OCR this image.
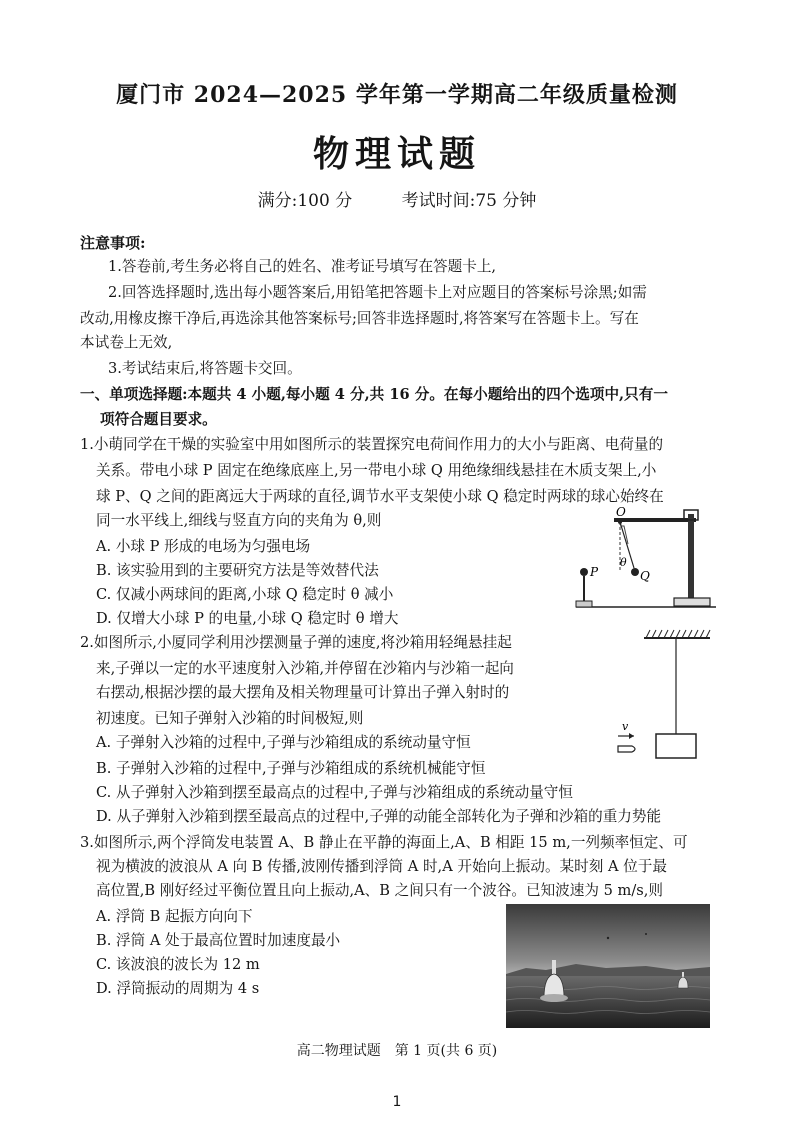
厦门市 2024—2025 学年第一学期高二年级质量检测
物理试题
满分:100 分	考试时间:75 分钟
注意事项:
1.答卷前,考生务必将自己的姓名、准考证号填写在答题卡上,
2.回答选择题时,选出每小题答案后,用铅笔把答题卡上对应题目的答案标号涂黑;如需
改动,用橡皮擦干净后,再选涂其他答案标号;回答非选择题时,将答案写在答题卡上。写在
本试卷上无效,
3.考试结束后,将答题卡交回。
一、单项选择题:本题共 4 小题,每小题 4 分,共 16 分。在每小题给出的四个选项中,只有一
项符合题目要求。
1.小萌同学在干燥的实验室中用如图所示的装置探究电荷间作用力的大小与距离、电荷量的
关系。带电小球 P 固定在绝缘底座上,另一带电小球 Q 用绝缘细线悬挂在木质支架上,小
球 P、Q 之间的距离远大于两球的直径,调节水平支架使小球 Q 稳定时两球的球心始终在
同一水平线上,细线与竖直方向的夹角为 θ,则
A. 小球 P 形成的电场为匀强电场
B. 该实验用到的主要研究方法是等效替代法
C. 仅减小两球间的距离,小球 Q 稳定时 θ 减小
D. 仅增大小球 P 的电量,小球 Q 稳定时 θ 增大
O
θ
Q
P
2.如图所示,小厦同学利用沙摆测量子弹的速度,将沙箱用轻绳悬挂起
来,子弹以一定的水平速度射入沙箱,并停留在沙箱内与沙箱一起向
右摆动,根据沙摆的最大摆角及相关物理量可计算出子弹入射时的
初速度。已知子弹射入沙箱的时间极短,则
A. 子弹射入沙箱的过程中,子弹与沙箱组成的系统动量守恒
B. 子弹射入沙箱的过程中,子弹与沙箱组成的系统机械能守恒
C. 从子弹射入沙箱到摆至最高点的过程中,子弹与沙箱组成的系统动量守恒
D. 从子弹射入沙箱到摆至最高点的过程中,子弹的动能全部转化为子弹和沙箱的重力势能
v
3.如图所示,两个浮筒发电装置 A、B 静止在平静的海面上,A、B 相距 15 m,一列频率恒定、可
视为横波的波浪从 A 向 B 传播,波刚传播到浮筒 A 时,A 开始向上振动。某时刻 A 位于最
高位置,B 刚好经过平衡位置且向上振动,A、B 之间只有一个波谷。已知波速为 5 m/s,则
A. 浮筒 B 起振方向向下
B. 浮筒 A 处于最高位置时加速度最小
C. 该波浪的波长为 12 m
D. 浮筒振动的周期为 4 s
高二物理试题　第 1 页(共 6 页)
1
